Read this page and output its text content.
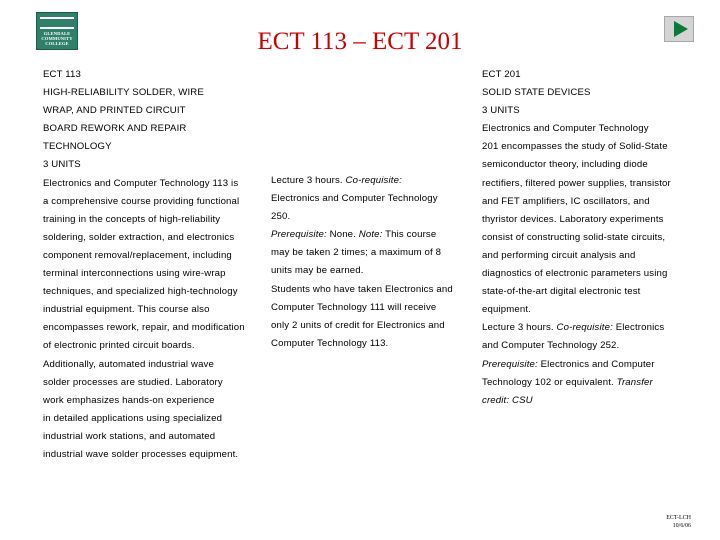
GLENDALE
COMMUNITY
COLLEGE	ECT 113 – ECT 201
ECT 113
HIGH-RELIABILITY SOLDER, WIRE
WRAP, AND PRINTED CIRCUIT
BOARD REWORK AND REPAIR
TECHNOLOGY
3 UNITS
Electronics and Computer Technology 113 is
a comprehensive course providing functional
training in the concepts of high-reliability
soldering, solder extraction, and electronics
component removal/replacement, including
terminal interconnections using wire-wrap
techniques, and specialized high-technology
industrial equipment. This course also
encompasses rework, repair, and modification
of electronic printed circuit boards.
Additionally, automated industrial wave
solder processes are studied. Laboratory
work emphasizes hands-on experience
in detailed applications using specialized
industrial work stations, and automated
industrial wave solder processes equipment.
Lecture 3 hours. Co-requisite:
Electronics and Computer Technology
250.
Prerequisite: None. Note: This course
may be taken 2 times; a maximum of 8
units may be earned.
Students who have taken Electronics and
Computer Technology 111 will receive
only 2 units of credit for Electronics and
Computer Technology 113.
ECT 201
SOLID STATE DEVICES
3 UNITS
Electronics and Computer Technology
201 encompasses the study of Solid-State
semiconductor theory, including diode
rectifiers, filtered power supplies, transistor
and FET amplifiers, IC oscillators, and
thyristor devices. Laboratory experiments
consist of constructing solid-state circuits,
and performing circuit analysis and
diagnostics of electronic parameters using
state-of-the-art digital electronic test
equipment.
Lecture 3 hours. Co-requisite: Electronics
and Computer Technology 252.
Prerequisite: Electronics and Computer
Technology 102 or equivalent. Transfer
credit: CSU
ECT-LCH
10/6/06
